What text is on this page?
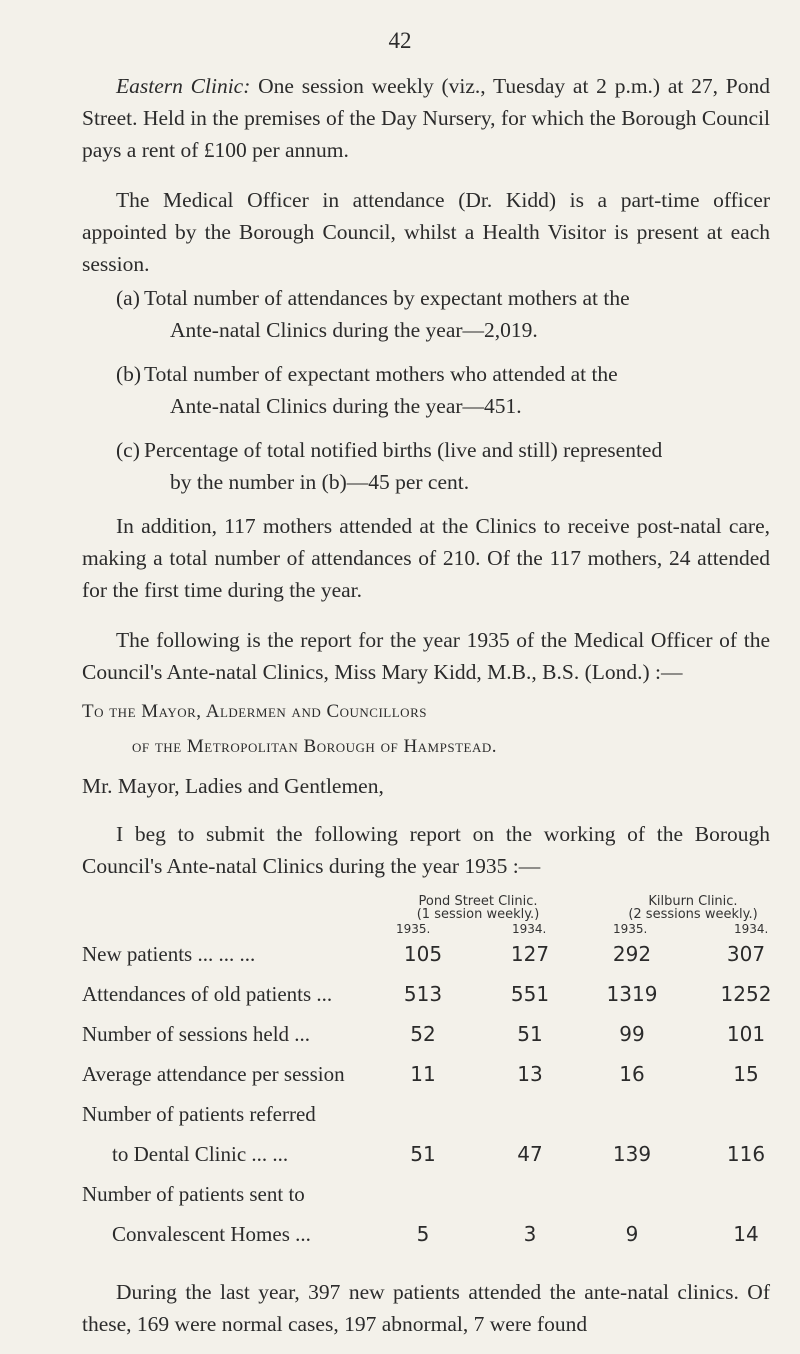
42
Eastern Clinic: One session weekly (viz., Tuesday at 2 p.m.) at 27, Pond Street. Held in the premises of the Day Nursery, for which the Borough Council pays a rent of £100 per annum.
The Medical Officer in attendance (Dr. Kidd) is a part-time officer appointed by the Borough Council, whilst a Health Visitor is present at each session.
(a) Total number of attendances by expectant mothers at the
Ante-natal Clinics during the year—2,019.
(b) Total number of expectant mothers who attended at the
Ante-natal Clinics during the year—451.
(c) Percentage of total notified births (live and still) represented
by the number in (b)—45 per cent.
In addition, 117 mothers attended at the Clinics to receive post-natal care, making a total number of attendances of 210. Of the 117 mothers, 24 attended for the first time during the year.
The following is the report for the year 1935 of the Medical Officer of the Council's Ante-natal Clinics, Miss Mary Kidd, M.B., B.S. (Lond.) :—
To the Mayor, Aldermen and Councillors
of the Metropolitan Borough of Hampstead.
Mr. Mayor, Ladies and Gentlemen,
I beg to submit the following report on the working of the Borough Council's Ante-natal Clinics during the year 1935 :—
Pond Street Clinic.
(1 session weekly.)
Kilburn Clinic.
(2 sessions weekly.)
1935.	1934.	1935.	1934.
New patients ... ... ...	105	127	292	307
Attendances of old patients ...	513	551	1319	1252
Number of sessions held ...	52	51	99	101
Average attendance per session	11	13	16	15
Number of patients referred
to Dental Clinic ... ...	51	47	139	116
Number of patients sent to
Convalescent Homes ...	5	3	9	14
During the last year, 397 new patients attended the ante-natal clinics. Of these, 169 were normal cases, 197 abnormal, 7 were found
